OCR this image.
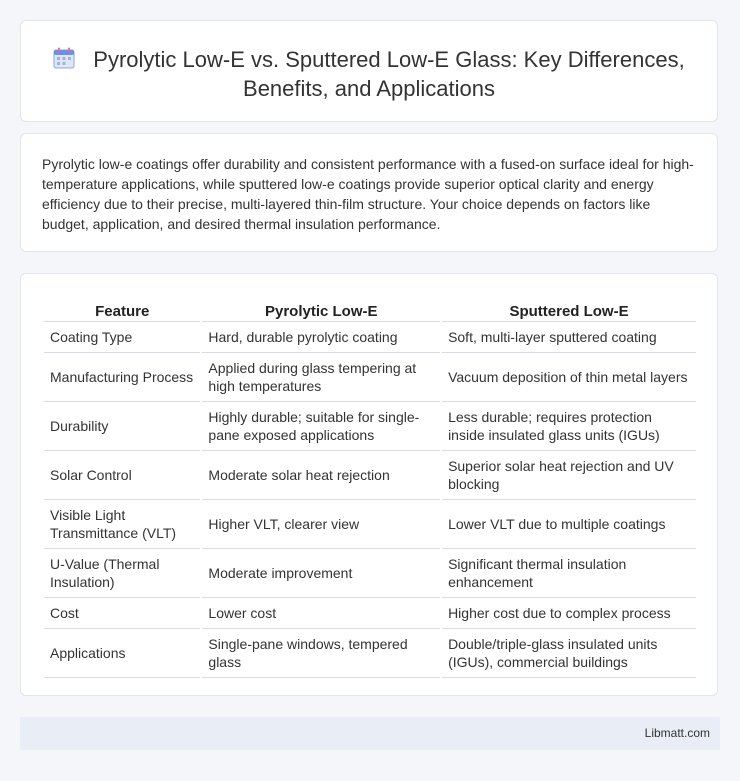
Pyrolytic Low-E vs. Sputtered Low-E Glass: Key Differences, Benefits, and Applications
Pyrolytic low-e coatings offer durability and consistent performance with a fused-on surface ideal for high-temperature applications, while sputtered low-e coatings provide superior optical clarity and energy efficiency due to their precise, multi-layered thin-film structure. Your choice depends on factors like budget, application, and desired thermal insulation performance.
Feature	Pyrolytic Low-E	Sputtered Low-E
Coating Type	Hard, durable pyrolytic coating	Soft, multi-layer sputtered coating
Manufacturing Process	Applied during glass tempering at high temperatures	Vacuum deposition of thin metal layers
Durability	Highly durable; suitable for single-pane exposed applications	Less durable; requires protection inside insulated glass units (IGUs)
Solar Control	Moderate solar heat rejection	Superior solar heat rejection and UV blocking
Visible Light Transmittance (VLT)	Higher VLT, clearer view	Lower VLT due to multiple coatings
U-Value (Thermal Insulation)	Moderate improvement	Significant thermal insulation enhancement
Cost	Lower cost	Higher cost due to complex process
Applications	Single-pane windows, tempered glass	Double/triple-glass insulated units (IGUs), commercial buildings
Libmatt.com
